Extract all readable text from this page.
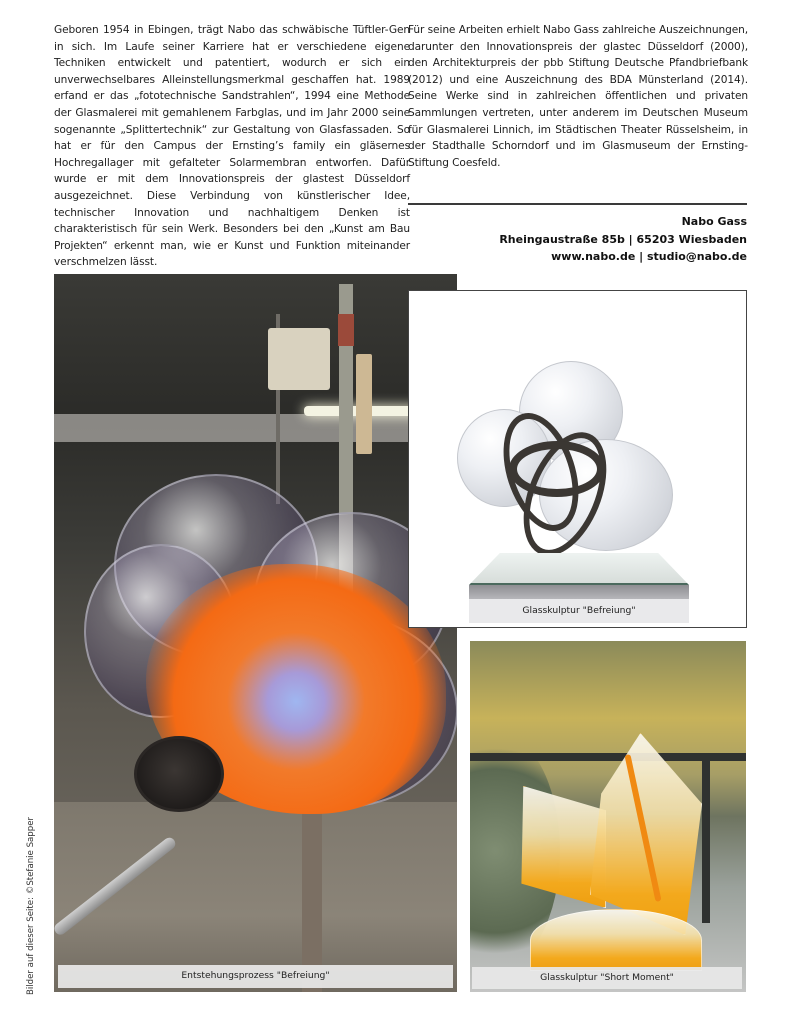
Geboren 1954 in Ebingen, trägt Nabo das schwäbische Tüftler-Gen in sich. Im Laufe seiner Karriere hat er verschiedene eigene Techniken entwickelt und patentiert, wodurch er sich ein unverwechselbares Alleinstellungsmerkmal geschaffen hat. 1989 erfand er das „fototechnische Sandstrahlen“, 1994 eine Methode der Glasmalerei mit gemahlenem Farbglas, und im Jahr 2000 seine sogenannte „Splittertechnik“ zur Gestaltung von Glasfassaden. So hat er für den Campus der Ernsting’s family ein gläsernes Hochregallager mit gefalteter Solarmembran entworfen. Dafür wurde er mit dem Innovationspreis der glastest Düsseldorf ausgezeichnet. Diese Verbindung von künstlerischer Idee, technischer Innovation und nachhaltigem Denken ist charakteristisch für sein Werk. Besonders bei den „Kunst am Bau Projekten“ erkennt man, wie er Kunst und Funktion miteinander verschmelzen lässt.
Für seine Arbeiten erhielt Nabo Gass zahlreiche Auszeichnungen, darunter den Innovationspreis der glastec Düsseldorf (2000), den Architekturpreis der pbb Stiftung Deutsche Pfandbriefbank (2012) und eine Auszeichnung des BDA Münsterland (2014). Seine Werke sind in zahlreichen öffentlichen und privaten Sammlungen vertreten, unter anderem im Deutschen Museum für Glasmalerei Linnich, im Städtischen Theater Rüsselsheim, in der Stadthalle Schorndorf und im Glasmuseum der Ernsting-Stiftung Coesfeld.
Nabo Gass
Rheingaustraße 85b | 65203 Wiesbaden
www.nabo.de | studio@nabo.de
Entstehungsprozess "Befreiung"
Glasskulptur "Befreiung"
Glasskulptur "Short Moment"
Bilder auf dieser Seite: ©Stefanie Sapper
